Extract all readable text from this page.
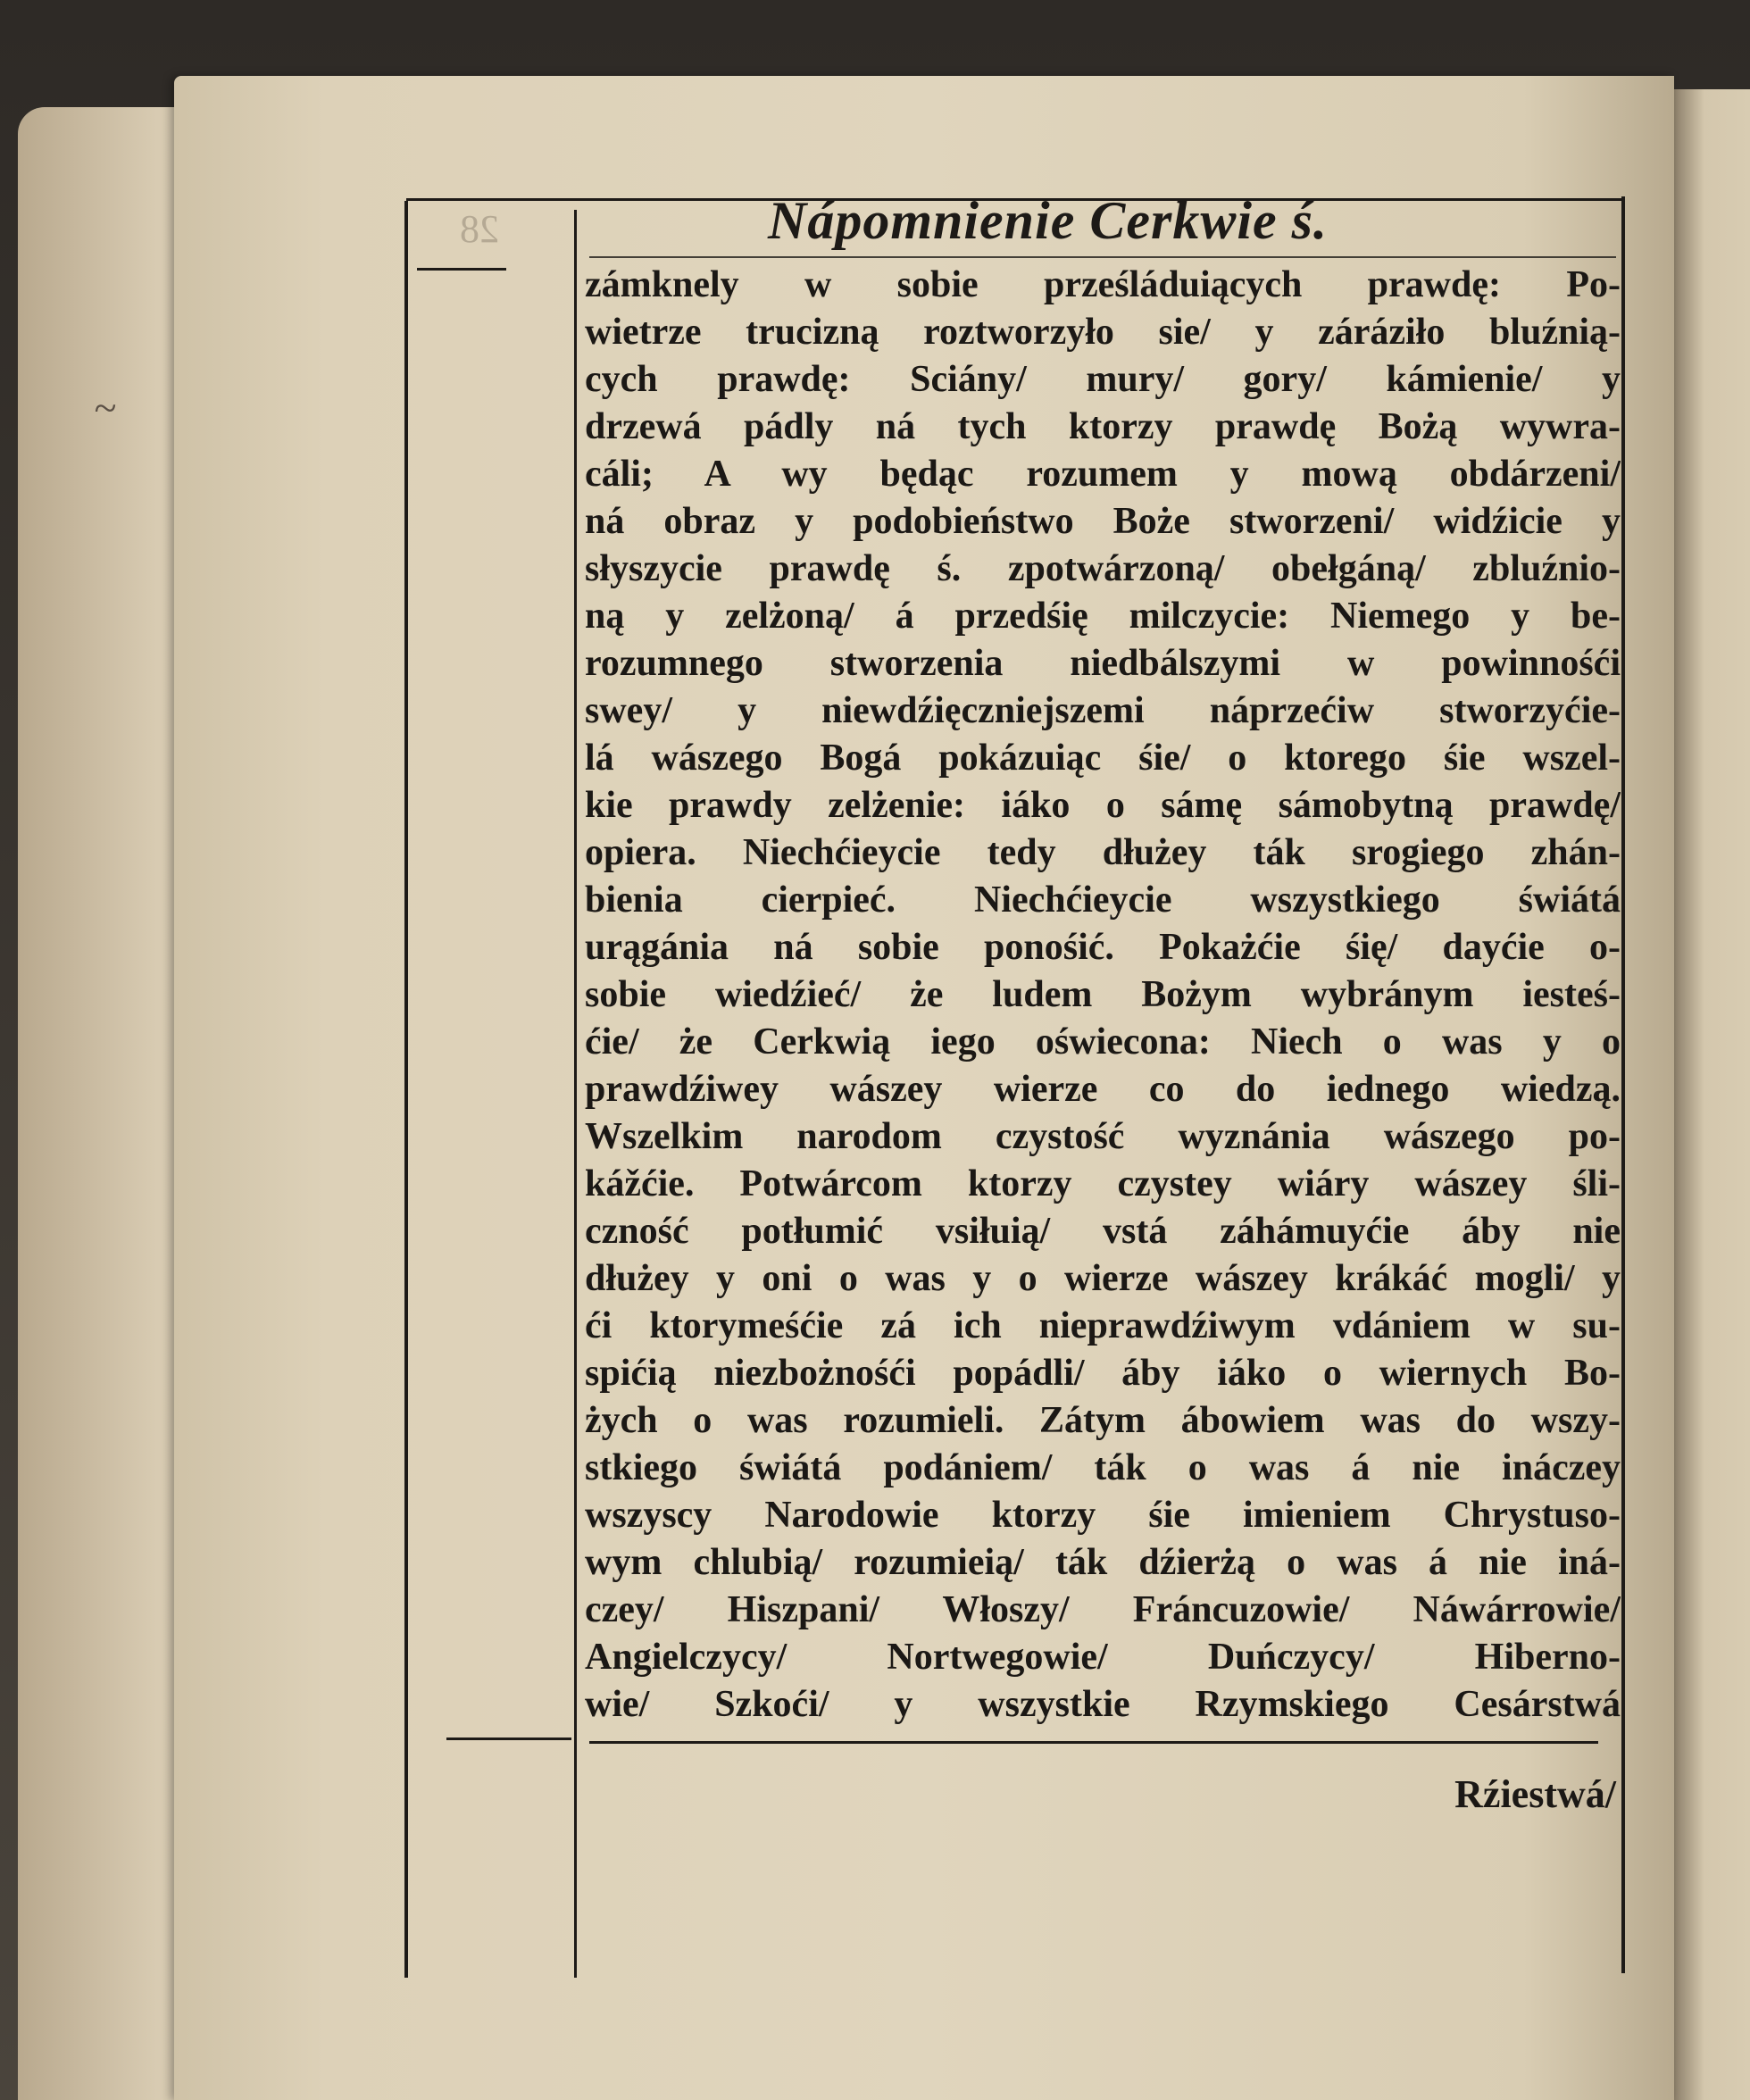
~
28	Nápomnienie Cerkwie ś.
zámknely w sobie prześláduiących prawdę: Po-
wietrze trucizną roztworzyło sie/ y záráziło bluźnią-
cych prawdę: Sciány/ mury/ gory/ kámienie/ y
drzewá pádly ná tych ktorzy prawdę Bożą wywra-
cáli; A wy będąc rozumem y mową obdárzeni/
ná obraz y podobieństwo Boże stworzeni/ widźicie y
słyszycie prawdę ś. zpotwárzoną/ obełgáną/ zbluźnio-
ną y zelżoną/ á przedśię milczycie: Niemego y be-
rozumnego stworzenia niedbálszymi w powinnośći
swey/ y niewdźięczniejszemi náprzećiw stworzyćie-
lá wászego Bogá pokázuiąc śie/ o ktorego śie wszel-
kie prawdy zelżenie: iáko o sámę sámobytną prawdę/
opiera. Niechćieycie tedy dłużey ták srogiego zhán-
bienia cierpieć. Niechćieycie wszystkiego świátá
urągánia ná sobie ponośić. Pokażćie śię/ dayćie o-
sobie wiedźieć/ że ludem Bożym wybránym iesteś-
ćie/ że Cerkwią iego oświecona: Niech o was y o
prawdźiwey wászey wierze co do iednego wiedzą.
Wszelkim narodom czystość wyznánia wászego po-
kážćie. Potwárcom ktorzy czystey wiáry wászey śli-
czność potłumić vsiłuią/ vstá záhámuyćie áby nie
dłużey y oni o was y o wierze wászey krákáć mogli/ y
ći ktorymeśćie zá ich nieprawdźiwym vdániem w su-
spićią niezbożnośći popádli/ áby iáko o wiernych Bo-
żych o was rozumieli. Zátym ábowiem was do wszy-
stkiego świátá podániem/ ták o was á nie ináczey
wszyscy Narodowie ktorzy śie imieniem Chrystuso-
wym chlubią/ rozumieią/ ták dźierżą o was á nie iná-
czey/ Hiszpani/ Włoszy/ Fráncuzowie/ Náwárrowie/
Angielczycy/ Nortwegowie/ Duńczycy/ Hiberno-
wie/ Szkoći/ y wszystkie Rzymskiego Cesárstwá
Rźiestwá/
